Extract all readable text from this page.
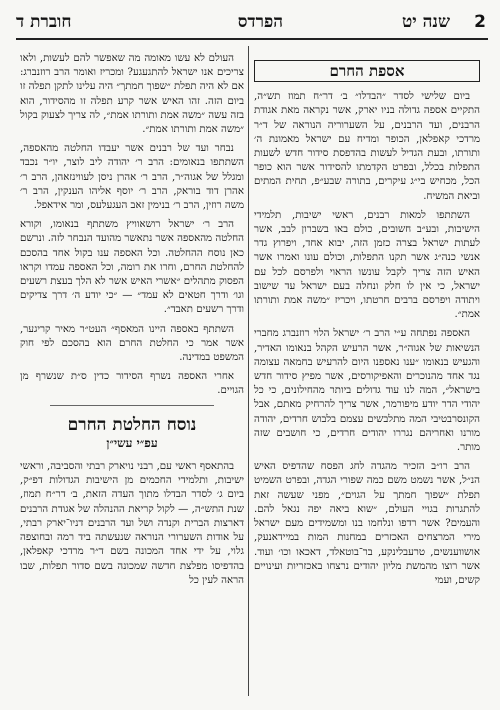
2
שנה יט
הפרדס
חוברת ד
אספת החרם

ביום שלישי לסדר ״הבדלו״ ב׳ דר״ח תמוז תש״ה, התקיים אספה גדולה בניו יארק, אשר נקראה מאת אגודת הרבנים, ועד הרבנים, על השערוריה הנוראה של ד״ר מרדכי קאפלאן, הכופר ומדיח עם ישראל מאמונת ה׳ ותורתו, ובעת הגדיל לעשות בהדפסת סידור חדש לשעות התפלות בכלל, ובפרט הקדמתו להסידור אשר הוא כופר הכל, מכחיש בי״ג עיקרים, בתורה שבע״פ, תחית המתים וביאת המשיח.

השתתפו למאות רבנים, ראשי ישיבות, תלמידי הישיבות, ובע״ב חשובים, כולם באו בשברון לבב, אשר לעתות ישראל בצרה כזמן הזה, יבוא אחד, ויפרוץ גדר אנשי כנה״ג אשר תקנו התפלות, וכולם עונו ואמרו אשר האיש הזה צריך לקבל עונשו הראוי ולפרסם לכל עם ישראל, כי אין לו חלק ונחלה בעם ישראל עד שישוב ויתודה ויפרסם ברבים חרטתו, ויכריז ״משה אמת ותורתו אמת״.

האספה נפתחה ע״י הרב ר׳ ישראל הלוי רוזנברג מחברי הנשיאות של אגוה״ר, אשר הרעיש הקהל בנאומו האדיר, והגעיש בנאומו ״ענו נאספנו היום להרעיש בחמאה עצומה נגד אחד מהנוכרים והאפיקורסים, אשר מפיץ סידור חדש בישראל״, המה לנו עוד גדולים ביותר מהחילונים, כי כל יהודי הדר יודע מיפורמר, אשר צריך להרחיק מאתם, אבל הקונסרבטיבי המה מתלבשים עצמם בלבוש חרדים, יהודה מורנו ואחריהם נגררו יהודים חרדים, כי חושבים שזה מותר.

הרב רו״ב הזכיר מהגדה לחג הפסח שהדפיס האיש הנ״ל, אשר נשמט משם כמה שפורי הגדה, ובפרט השמיט תפלת ״שפוך חמתך על הגוים״, מפני שעשה זאת להתגרות בגויי העולם, ״שוא ביאה יפה נגאל להם. והעמים? אשר רדפו ונלחמו בנו ומשמידים מעם ישראל מירי המרצחים האכזרים במחנות המות במיידאנעק, אושווענשים, טרעבלינקע, בר־בוטאלד, דאכאו וכו׳ ועוד. אשר רוצו מהמשת מליון יהודים נרצחו באכזריות ועינויים קשים, ועמי

העולם לא עשו מאומה מה שאפשר להם לעשות, ולאו צריכים אנו ישראל להתגעגע? ומכריז ואומר הרב רוזנברג: אם לא היה תפלת ״שפוך חמתך״ היה עלינו לתקן תפלה זו ביום הזה. זהו האיש אשר קרע תפלה זו מהסידור, הוא בזה עשה ״משה אמת ותורתו אמת״, לה צריך לצעוק בקול ״משה אמת ותורתו אמת״.

נבחר ועד של רבנים אשר יעבדו החלטה מהאספה, השתתפו בנאומים: הרב ר׳ יהודה ליב לוצר, יו״ר נכבד ומגלל של אגוה״ר, הרב ר׳ אהרן ניסן לעווינזאהן, הרב ר׳ אהרן דוד בוראק, הרב ר׳ יוסף אליהו הענקין, הרב ר׳ משה רוזין, הרב ר׳ בנימין זאב העגעלעס, ומר אידאפל.

הרב ר׳ ישראל רושאוויץ משתתף בנאומו, וקורא החלטה מהאספה אשר נתאשר מהועד הנבחר לזה. ונרשם כאן נוסח ההחלטה. וכל האספה ענו בקול אחד בהסכם להחלטת החרם, וחרו את רומה, וכל האספה עמדו וקראו הפסוק מתהלים ״אשרי האיש אשר לא הלך בעצת רשעים וגו׳ ודרך חטאים לא עמד״ — ״כי יודע ה׳ דרך צדיקים ודרך רשעים תאבד״.

השתתף באספה היינו המאסף״ העט״ר מאיר קריגער, אשר אמר כי החלטת החרם הוא בהסכם לפי חוק המשפט במדינה.

אחרי האספה נשרף הסידור כדין ס״ת שנשרף מן הגויים.

נוסח החלטת החרם
עפ״י עשי״ן

בהתאסף ראשי עם, רבני נויארק רבתי והסביבה, וראשי ישיבות, ותלמידי החכמים מן הישיבות הגדולות דפ״ק, ביום ג׳ לסדר הבדלו מתוך העדה הזאת, ב׳ דר״ח תמוז, שנת התש״ה, — לקול קריאת ההנהלה של אגודת הרבנים דארצות הברית וקנדה ושל ועד הרבנים דניו־יארק רבתי, על אודות השערורי הנוראה שנעשתה ביד רמה ובחוצפה גלוי, על ידי אחד המכונה בשם ד״ר מרדכי קאפלאן, בהדפיסו מפלצת חדשה שמכונה בשם סדור תפלות, שבו הראה לעין כל
